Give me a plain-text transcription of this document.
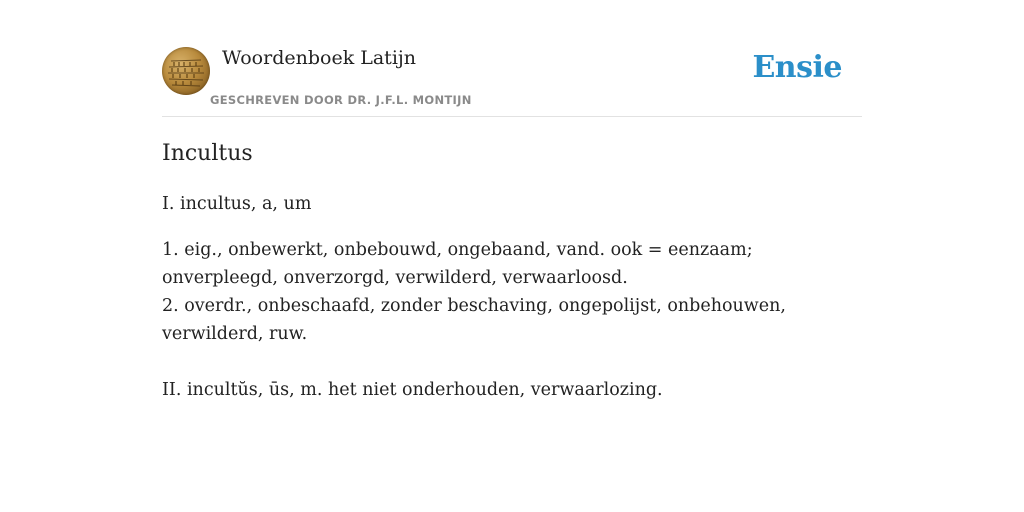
Woordenboek Latijn
GESCHREVEN DOOR DR. J.F.L. MONTIJN
Ensie
Incultus

I. incultus, a, um

1. eig., onbewerkt, onbebouwd, ongebaand, vand. ook = eenzaam; onverpleegd, onverzorgd, verwilderd, verwaarloosd.
2. overdr., onbeschaafd, zonder beschaving, ongepolijst, onbehouwen, verwilderd, ruw.

II. incultŭs, ūs, m. het niet onderhouden, verwaarlozing.
